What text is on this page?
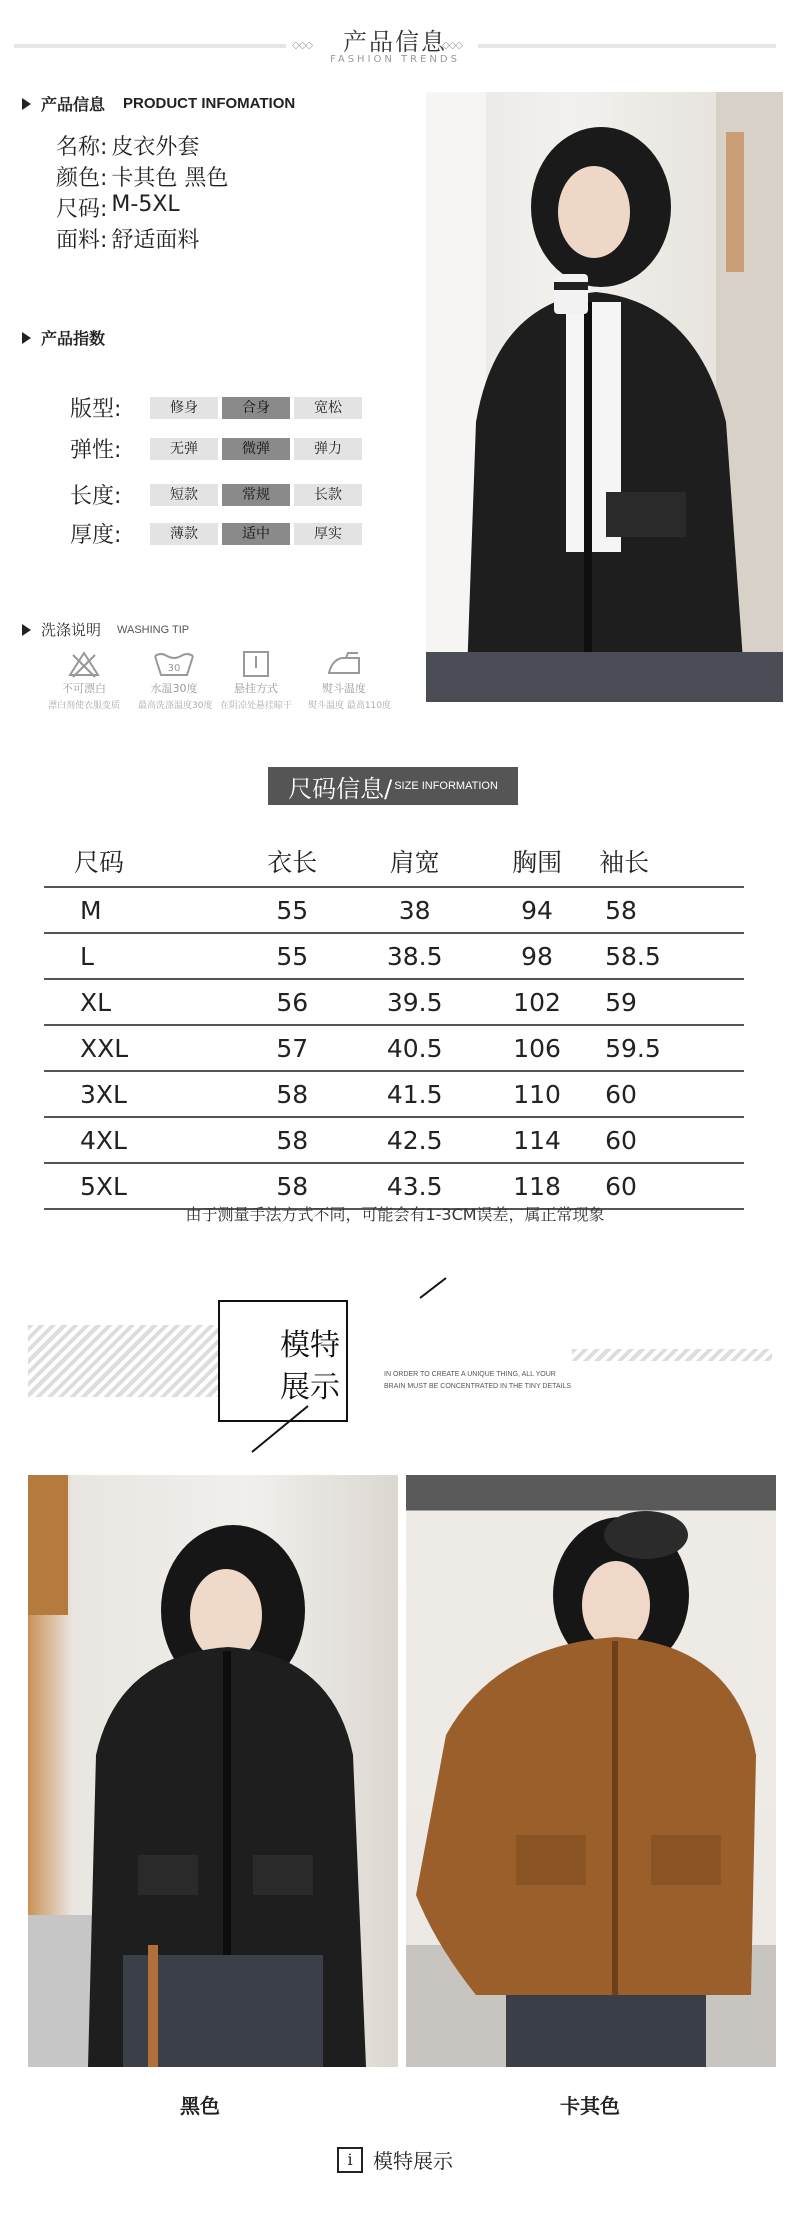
◇◇◇	◇◇◇
产品信息
FASHION TRENDS
产品信息 PRODUCT INFOMATION
名称: 皮衣外套
颜色: 卡其色 黑色
尺码: M-5XL
面料: 舒适面料
产品指数
版型:	修身	合身	宽松
弹性:	无弹	微弹	弹力
长度:	短款	常规	长款
厚度:	薄款	适中	厚实
洗涤说明 WASHING TIP
不可漂白
漂白剂使衣服变质
30
水温30度
最高洗涤温度30度
悬挂方式
在阴凉处悬挂晾干
熨斗温度
熨斗温度 最高110度
尺码信息/ SIZE INFORMATION
尺码	衣长	肩宽	胸围	袖长
M	55	38	94	58
L	55	38.5	98	58.5
XL	56	39.5	102	59
XXL	57	40.5	106	59.5
3XL	58	41.5	110	60
4XL	58	42.5	114	60
5XL	58	43.5	118	60
由于测量手法方式不同，可能会有1-3CM误差，属正常现象
模特
展示	IN ORDER TO CREATE A UNIQUE THING, ALL YOUR
BRAIN MUST BE CONCENTRATED IN THE TINY DETAILS
黑色	卡其色
i	模特展示
